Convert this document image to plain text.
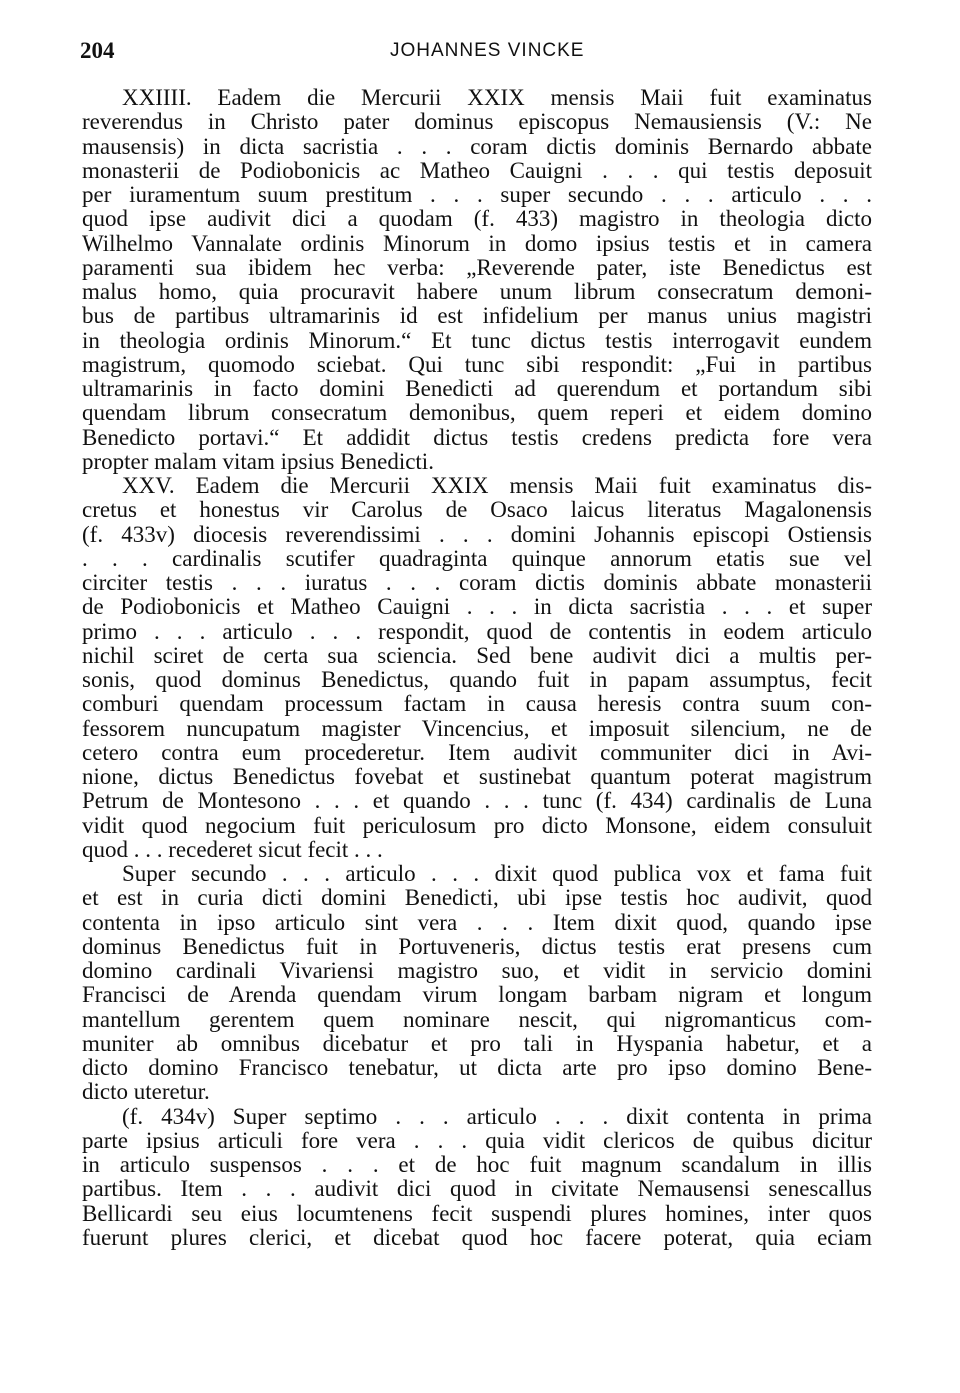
204	JOHANNES VINCKE
XXIIII. Eadem die Mercurii XXIX mensis Maii fuit examinatus
reverendus in Christo pater dominus episcopus Nemausiensis (V.: Ne
mausensis) in dicta sacristia . . . coram dictis dominis Bernardo abbate
monasterii de Podiobonicis ac Matheo Cauigni . . . qui testis deposuit
per iuramentum suum prestitum . . . super secundo . . . articulo . . .
quod ipse audivit dici a quodam (f. 433) magistro in theologia dicto
Wilhelmo Vannalate ordinis Minorum in domo ipsius testis et in camera
paramenti sua ibidem hec verba: „Reverende pater, iste Benedictus est
malus homo, quia procuravit habere unum librum consecratum demoni-
bus de partibus ultramarinis id est infidelium per manus unius magistri
in theologia ordinis Minorum.“ Et tunc dictus testis interrogavit eundem
magistrum, quomodo sciebat. Qui tunc sibi respondit: „Fui in partibus
ultramarinis in facto domini Benedicti ad querendum et portandum sibi
quendam librum consecratum demonibus, quem reperi et eidem domino
Benedicto portavi.“ Et addidit dictus testis credens predicta fore vera
propter malam vitam ipsius Benedicti.
XXV. Eadem die Mercurii XXIX mensis Maii fuit examinatus dis-
cretus et honestus vir Carolus de Osaco laicus literatus Magalonensis
(f. 433v) diocesis reverendissimi . . . domini Johannis episcopi Ostiensis
. . . cardinalis scutifer quadraginta quinque annorum etatis sue vel
circiter testis . . . iuratus . . . coram dictis dominis abbate monasterii
de Podiobonicis et Matheo Cauigni . . . in dicta sacristia . . . et super
primo . . . articulo . . . respondit, quod de contentis in eodem articulo
nichil sciret de certa sua sciencia. Sed bene audivit dici a multis per-
sonis, quod dominus Benedictus, quando fuit in papam assumptus, fecit
comburi quendam processum factam in causa heresis contra suum con-
fessorem nuncupatum magister Vincencius, et imposuit silencium, ne de
cetero contra eum procederetur. Item audivit communiter dici in Avi-
nione, dictus Benedictus fovebat et sustinebat quantum poterat magistrum
Petrum de Montesono . . . et quando . . . tunc (f. 434) cardinalis de Luna
vidit quod negocium fuit periculosum pro dicto Monsone, eidem consuluit
quod . . . recederet sicut fecit . . .
Super secundo . . . articulo . . . dixit quod publica vox et fama fuit
et est in curia dicti domini Benedicti, ubi ipse testis hoc audivit, quod
contenta in ipso articulo sint vera . . . Item dixit quod, quando ipse
dominus Benedictus fuit in Portuveneris, dictus testis erat presens cum
domino cardinali Vivariensi magistro suo, et vidit in servicio domini
Francisci de Arenda quendam virum longam barbam nigram et longum
mantellum gerentem quem nominare nescit, qui nigromanticus com-
muniter ab omnibus dicebatur et pro tali in Hyspania habetur, et a
dicto domino Francisco tenebatur, ut dicta arte pro ipso domino Bene-
dicto uteretur.
(f. 434v) Super septimo . . . articulo . . . dixit contenta in prima
parte ipsius articuli fore vera . . . quia vidit clericos de quibus dicitur
in articulo suspensos . . . et de hoc fuit magnum scandalum in illis
partibus. Item . . . audivit dici quod in civitate Nemausensi senescallus
Bellicardi seu eius locumtenens fecit suspendi plures homines, inter quos
fuerunt plures clerici, et dicebat quod hoc facere poterat, quia eciam
